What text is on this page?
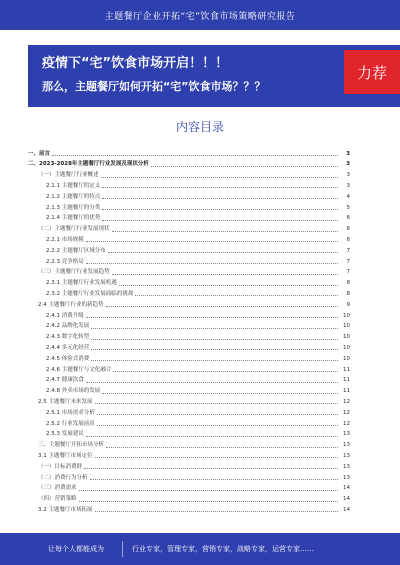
主题餐厅企业开拓“宅”饮食市场策略研究报告
疫情下“宅”饮食市场开启！！！
那么，主题餐厅如何开拓“宅”饮食市场？？？
力荐
内容目录
一、前言	3
二、2023-2028年主题餐厅行业发展及现状分析	3
（一）主题餐厅行业概述	3
2.1.1 主题餐厅的定义	3
2.1.2 主题餐厅的特点	4
2.1.3 主题餐厅的分类	5
2.1.4 主题餐厅的优势	6
（二）主题餐厅行业发展现状	6
2.2.1 市场规模	6
2.2.2 主题餐厅区域分布	7
2.2.3 竞争格局	7
（三）主题餐厅行业发展趋势	7
2.3.1 主题餐厅行业发展机遇	8
2.3.2 主题餐厅行业发展面临的挑战	8
2.4 主题餐厅行业的新趋势	9
2.4.1 消费升级	10
2.4.2 品牌化发展	10
2.4.3 数字化转型	10
2.4.4 多元化经营	10
2.4.5 体验式消费	10
2.4.6 主题餐厅与文化融合	11
2.4.7 健康饮食	11
2.4.8 外卖市场的发展	11
2.5 主题餐厅未来发展	12
2.5.1 市场需求分析	12
2.5.2 行业发展前景	12
2.5.3 发展建议	13
三、主题餐厅开拓市场分析	13
3.1 主题餐厅市场定位	13
（一）目标消费群	13
（二）消费行为分析	13
（三）消费需求	14
（四）营销策略	14
3.2 主题餐厅市场拓展	14
让每个人都能成为	行业专家，管理专家，营销专家，战略专家，运营专家……
